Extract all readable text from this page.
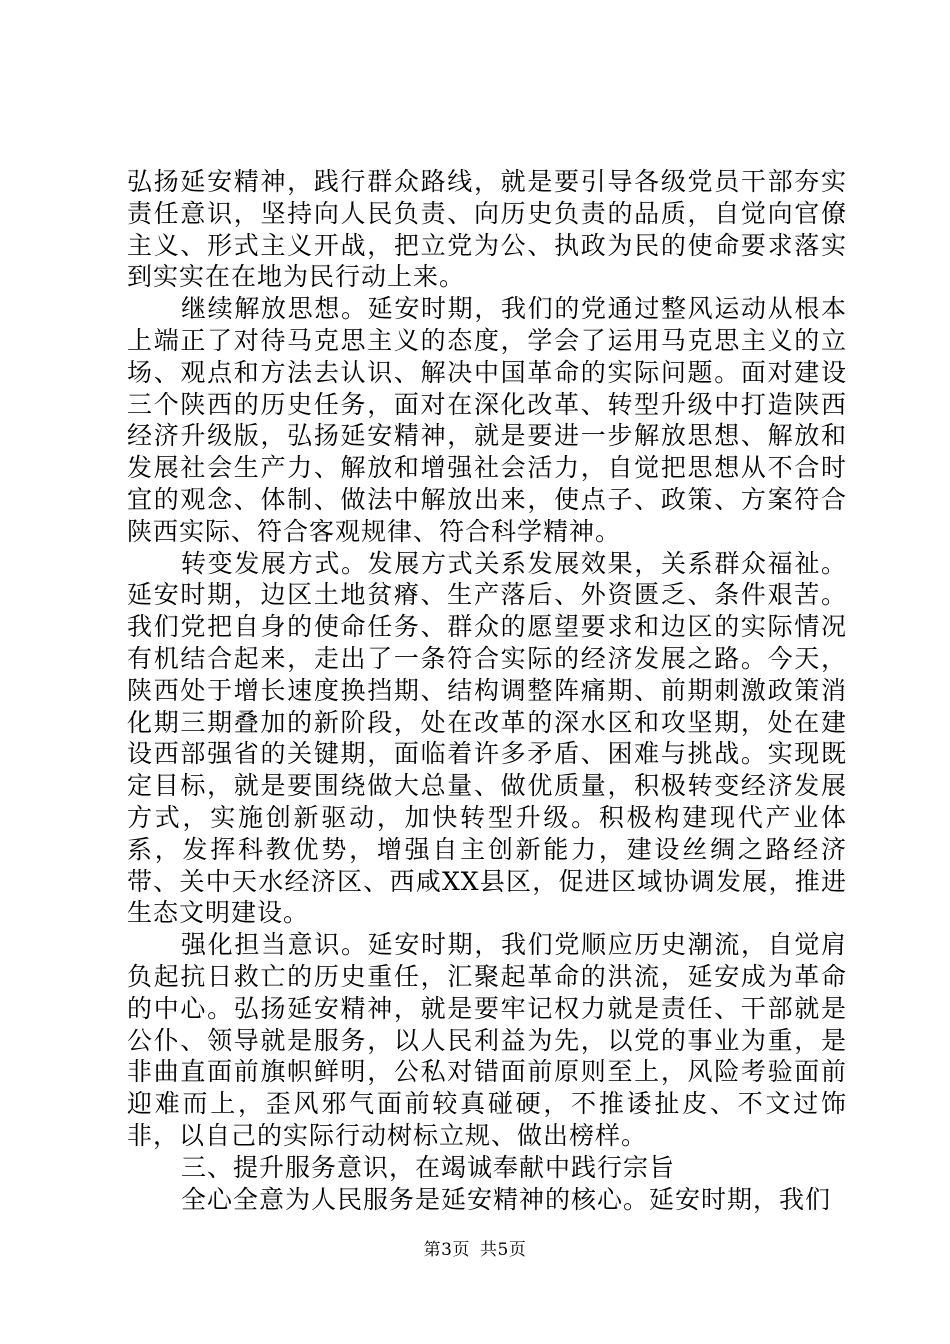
弘扬延安精神，践行群众路线，就是要引导各级党员干部夯实责任意识，坚持向人民负责、向历史负责的品质，自觉向官僚主义、形式主义开战，把立党为公、执政为民的使命要求落实到实实在在地为民行动上来。

继续解放思想。延安时期，我们的党通过整风运动从根本上端正了对待马克思主义的态度，学会了运用马克思主义的立场、观点和方法去认识、解决中国革命的实际问题。面对建设三个陕西的历史任务，面对在深化改革、转型升级中打造陕西经济升级版，弘扬延安精神，就是要进一步解放思想、解放和发展社会生产力、解放和增强社会活力，自觉把思想从不合时宜的观念、体制、做法中解放出来，使点子、政策、方案符合陕西实际、符合客观规律、符合科学精神。

转变发展方式。发展方式关系发展效果，关系群众福祉。延安时期，边区土地贫瘠、生产落后、外资匮乏、条件艰苦。我们党把自身的使命任务、群众的愿望要求和边区的实际情况有机结合起来，走出了一条符合实际的经济发展之路。今天，陕西处于增长速度换挡期、结构调整阵痛期、前期刺激政策消化期三期叠加的新阶段，处在改革的深水区和攻坚期，处在建设西部强省的关键期，面临着许多矛盾、困难与挑战。实现既定目标，就是要围绕做大总量、做优质量，积极转变经济发展方式，实施创新驱动，加快转型升级。积极构建现代产业体系，发挥科教优势，增强自主创新能力，建设丝绸之路经济带、关中天水经济区、西咸XX县区，促进区域协调发展，推进生态文明建设。

强化担当意识。延安时期，我们党顺应历史潮流，自觉肩负起抗日救亡的历史重任，汇聚起革命的洪流，延安成为革命的中心。弘扬延安精神，就是要牢记权力就是责任、干部就是公仆、领导就是服务，以人民利益为先，以党的事业为重，是非曲直面前旗帜鲜明，公私对错面前原则至上，风险考验面前迎难而上，歪风邪气面前较真碰硬，不推诿扯皮、不文过饰非，以自己的实际行动树标立规、做出榜样。

三、提升服务意识，在竭诚奉献中践行宗旨

全心全意为人民服务是延安精神的核心。延安时期，我们

第3页 共5页
